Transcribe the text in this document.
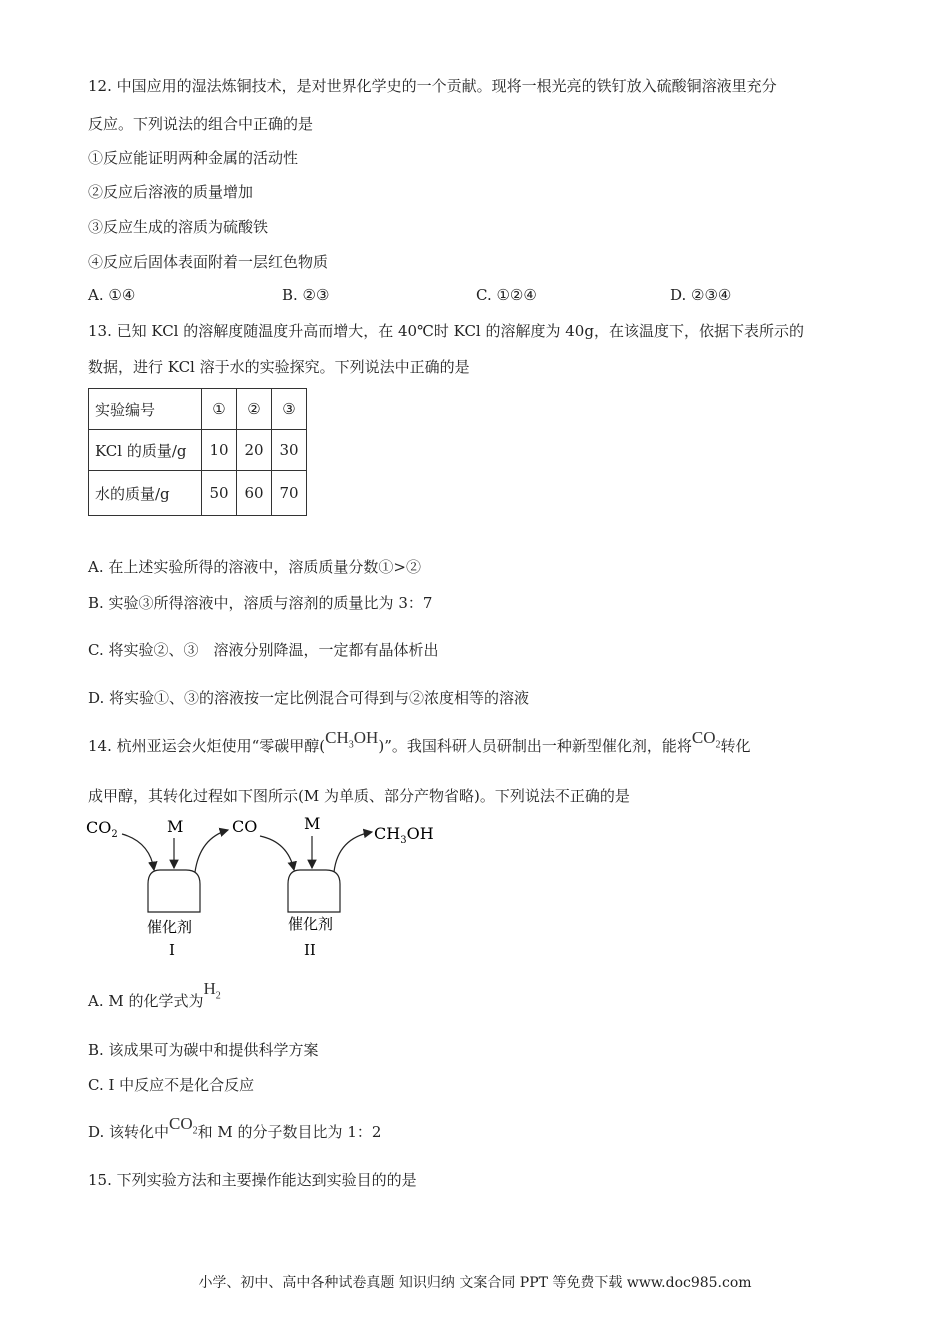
12. 中国应用的湿法炼铜技术，是对世界化学史的一个贡献。现将一根光亮的铁钉放入硫酸铜溶液里充分
反应。下列说法的组合中正确的是
①反应能证明两种金属的活动性
②反应后溶液的质量增加
③反应生成的溶质为硫酸铁
④反应后固体表面附着一层红色物质
A. ①④	B. ②③	C. ①②④	D. ②③④
13. 已知 KCl 的溶解度随温度升高而增大，在 40℃时 KCl 的溶解度为 40g，在该温度下，依据下表所示的
数据，进行 KCl 溶于水的实验探究。下列说法中正确的是
实验编号	①	②	③
KCl 的质量/g	10	20	30
水的质量/g	50	60	70
A. 在上述实验所得的溶液中，溶质质量分数①>②
B. 实验③所得溶液中，溶质与溶剂的质量比为 3：7
C. 将实验②、③　溶液分别降温，一定都有晶体析出
D. 将实验①、③的溶液按一定比例混合可得到与②浓度相等的溶液
14. 杭州亚运会火炬使用“零碳甲醇$(CH_3OH)$”。我国科研人员研制出一种新型催化剂，能将$CO_2$转化
成甲醇，其转化过程如下图所示(M 为单质、部分产物省略)。下列说法不正确的是
$CO_2$	M	CO
催化剂
I
M
$CH_3OH$
催化剂
II
A. M 的化学式为$H_2$
B. 该成果可为碳中和提供科学方案
C. I 中反应不是化合反应
D. 该转化中$CO_2$和 M 的分子数目比为 1：2
15. 下列实验方法和主要操作能达到实验目的的是
小学、初中、高中各种试卷真题 知识归纳 文案合同 PPT 等免费下载 www.doc985.com
